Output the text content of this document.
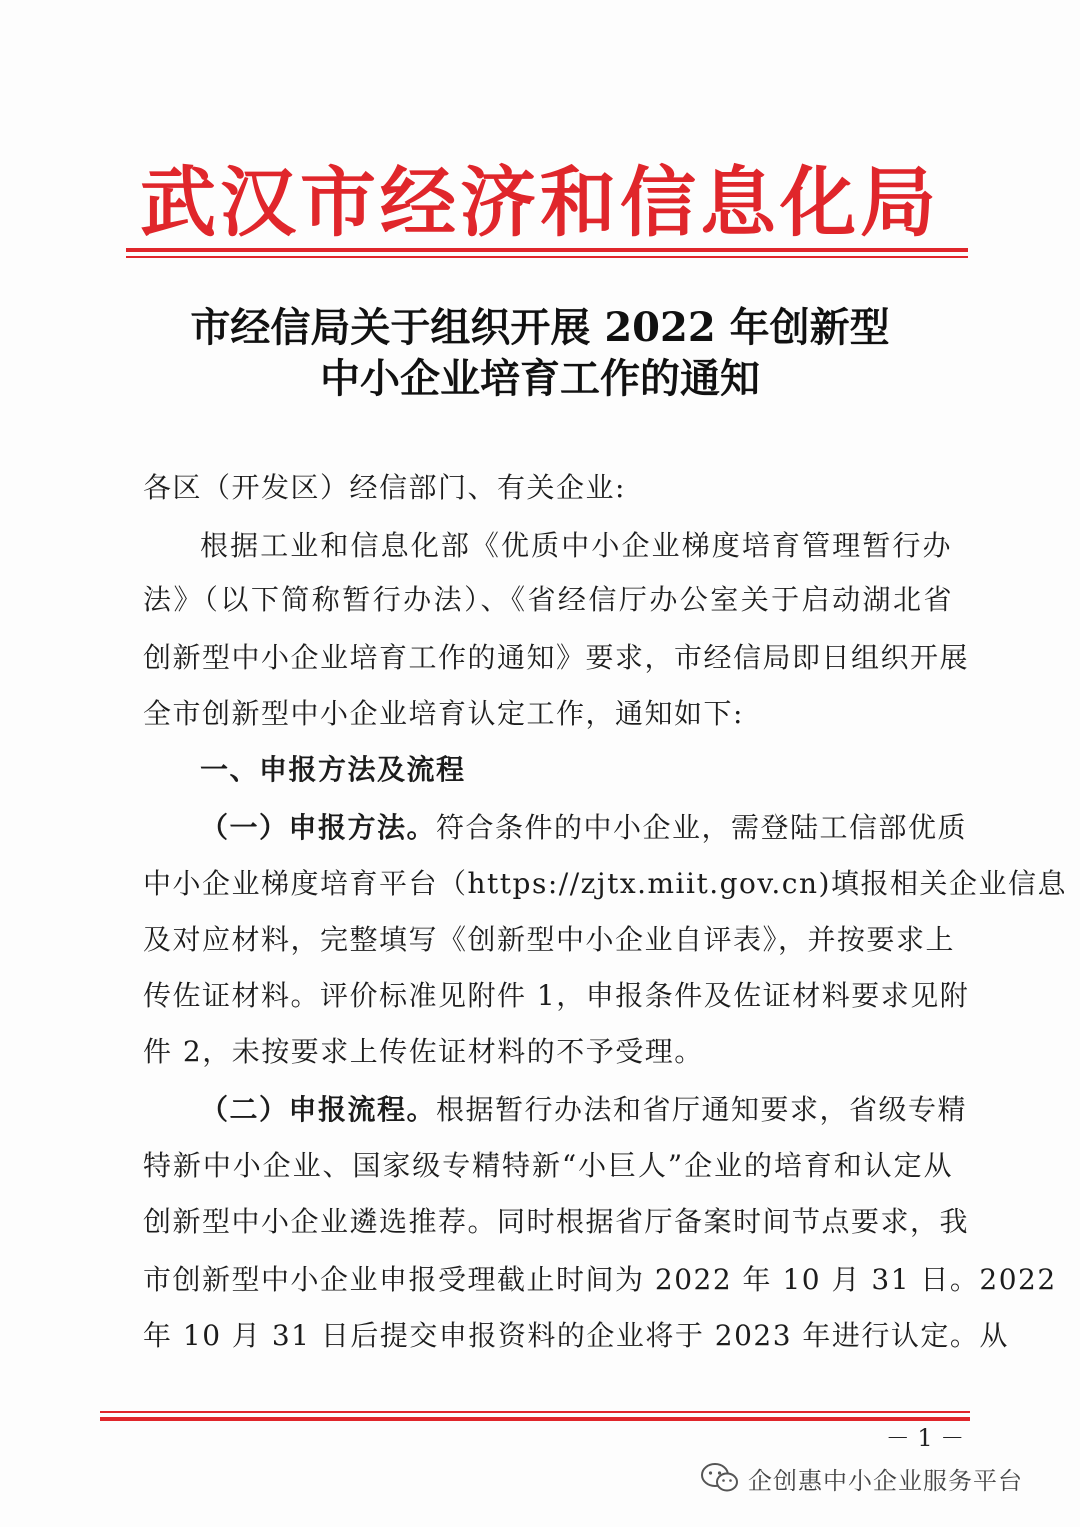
武汉市经济和信息化局
市经信局关于组织开展 2022 年创新型
中小企业培育工作的通知
各区（开发区）经信部门、有关企业:
根据工业和信息化部《优质中小企业梯度培育管理暂行办
法》（以下简称暂行办法）、《省经信厅办公室关于启动湖北省
创新型中小企业培育工作的通知》要求，市经信局即日组织开展
全市创新型中小企业培育认定工作，通知如下:
一、申报方法及流程
（一）申报方法。符合条件的中小企业，需登陆工信部优质
中小企业梯度培育平台（https://zjtx.miit.gov.cn)填报相关企业信息
及对应材料，完整填写《创新型中小企业自评表》，并按要求上
传佐证材料。评价标准见附件 1，申报条件及佐证材料要求见附
件 2，未按要求上传佐证材料的不予受理。
（二）申报流程。根据暂行办法和省厅通知要求，省级专精
特新中小企业、国家级专精特新“小巨人”企业的培育和认定从
创新型中小企业遴选推荐。同时根据省厅备案时间节点要求，我
市创新型中小企业申报受理截止时间为 2022 年 10 月 31 日。2022
年 10 月 31 日后提交申报资料的企业将于 2023 年进行认定。从
－ 1 －
企创惠中小企业服务平台
